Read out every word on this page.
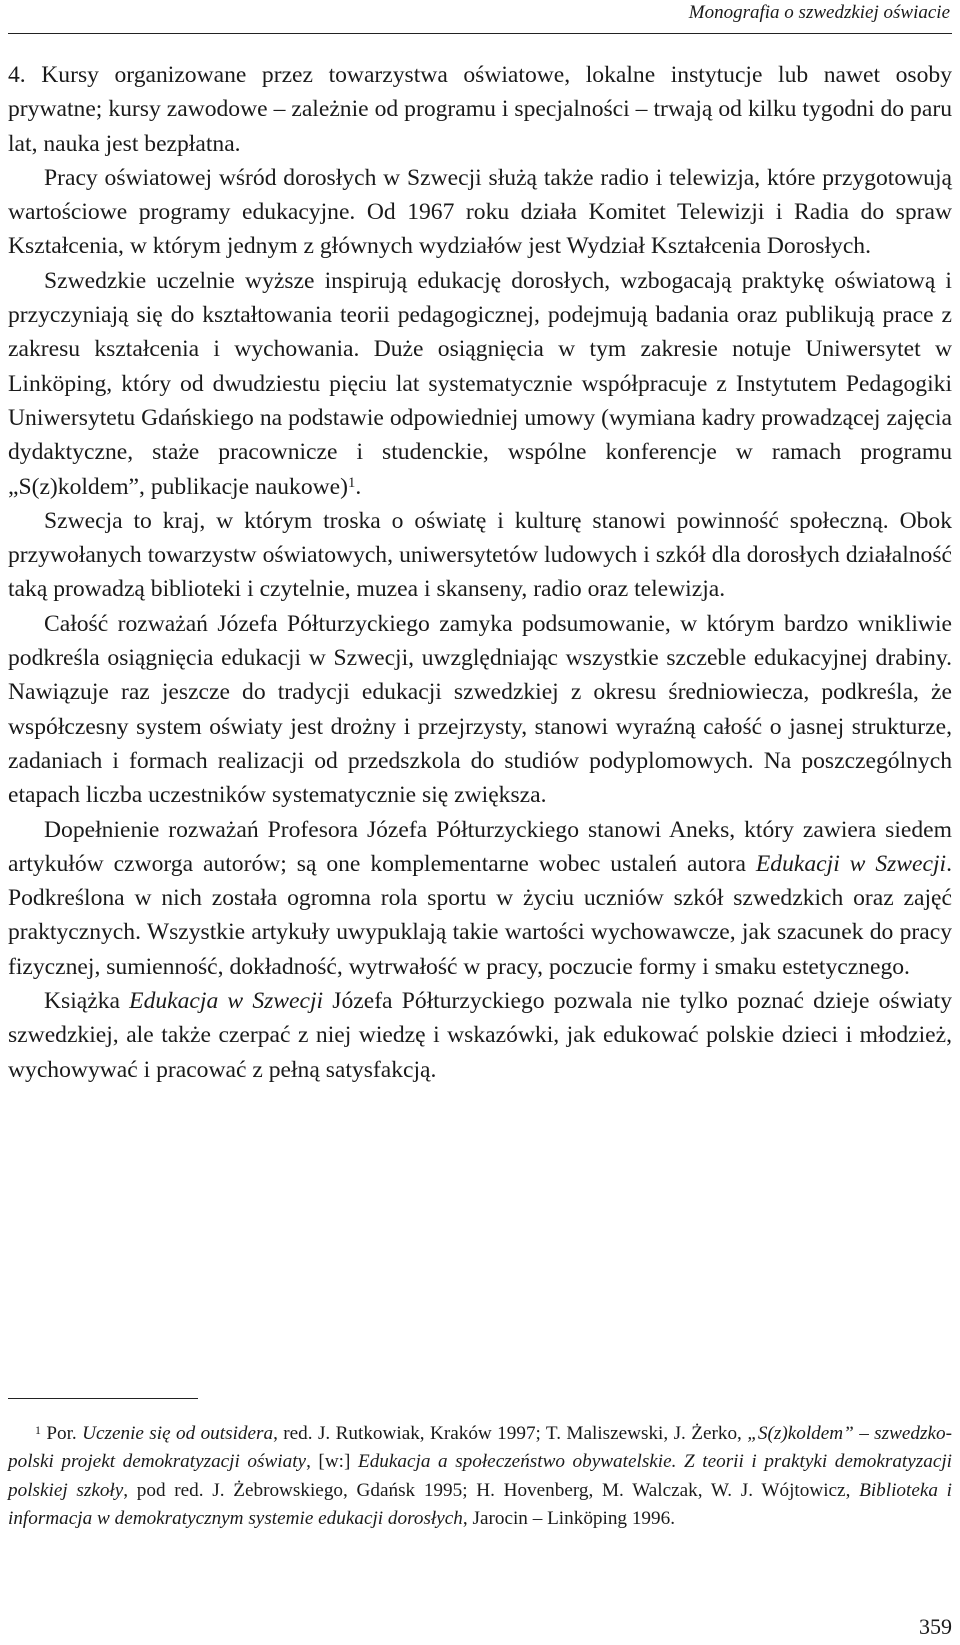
Monografia o szwedzkiej oświacie

4. Kursy organizowane przez towarzystwa oświatowe, lokalne instytucje lub nawet osoby prywatne; kursy zawodowe – zależnie od programu i specjalności – trwają od kilku tygodni do paru lat, nauka jest bezpłatna.

Pracy oświatowej wśród dorosłych w Szwecji służą także radio i telewizja, które przygotowują wartościowe programy edukacyjne. Od 1967 roku działa Komitet Telewizji i Radia do spraw Kształcenia, w którym jednym z głównych wydziałów jest Wydział Kształcenia Dorosłych.

Szwedzkie uczelnie wyższe inspirują edukację dorosłych, wzbogacają praktykę oświatową i przyczyniają się do kształtowania teorii pedagogicznej, podejmują badania oraz publikują prace z zakresu kształcenia i wychowania. Duże osiągnięcia w tym zakresie notuje Uniwersytet w Linköping, który od dwudziestu pięciu lat systematycznie współpracuje z Instytutem Pedagogiki Uniwersytetu Gdańskiego na podstawie odpowiedniej umowy (wymiana kadry prowadzącej zajęcia dydaktyczne, staże pracownicze i studenckie, wspólne konferencje w ramach programu „S(z)koldem”, publikacje naukowe)$^1$.

Szwecja to kraj, w którym troska o oświatę i kulturę stanowi powinność społeczną. Obok przywołanych towarzystw oświatowych, uniwersytetów ludowych i szkół dla dorosłych działalność taką prowadzą biblioteki i czytelnie, muzea i skanseny, radio oraz telewizja.

Całość rozważań Józefa Półturzyckiego zamyka podsumowanie, w którym bardzo wnikliwie podkreśla osiągnięcia edukacji w Szwecji, uwzględniając wszystkie szczeble edukacyjnej drabiny. Nawiązuje raz jeszcze do tradycji edukacji szwedzkiej z okresu średniowiecza, podkreśla, że współczesny system oświaty jest drożny i przejrzysty, stanowi wyraźną całość o jasnej strukturze, zadaniach i formach realizacji od przedszkola do studiów podyplomowych. Na poszczególnych etapach liczba uczestników systematycznie się zwiększa.

Dopełnienie rozważań Profesora Józefa Półturzyckiego stanowi Aneks, który zawiera siedem artykułów czworga autorów; są one komplementarne wobec ustaleń autora Edukacji w Szwecji. Podkreślona w nich została ogromna rola sportu w życiu uczniów szkół szwedzkich oraz zajęć praktycznych. Wszystkie artykuły uwypuklają takie wartości wychowawcze, jak szacunek do pracy fizycznej, sumienność, dokładność, wytrwałość w pracy, poczucie formy i smaku estetycznego.

Książka Edukacja w Szwecji Józefa Półturzyckiego pozwala nie tylko poznać dzieje oświaty szwedzkiej, ale także czerpać z niej wiedzę i wskazówki, jak edukować polskie dzieci i młodzież, wychowywać i pracować z pełną satysfakcją.

$^1$ Por. Uczenie się od outsidera, red. J. Rutkowiak, Kraków 1997; T. Maliszewski, J. Żerko, „S(z)koldem” – szwedzko-polski projekt demokratyzacji oświaty, [w:] Edukacja a społeczeństwo obywatelskie. Z teorii i praktyki demokratyzacji polskiej szkoły, pod red. J. Żebrowskiego, Gdańsk 1995; H. Hovenberg, M. Walczak, W. J. Wójtowicz, Biblioteka i informacja w demokratycznym systemie edukacji dorosłych, Jarocin – Linköping 1996.

359
